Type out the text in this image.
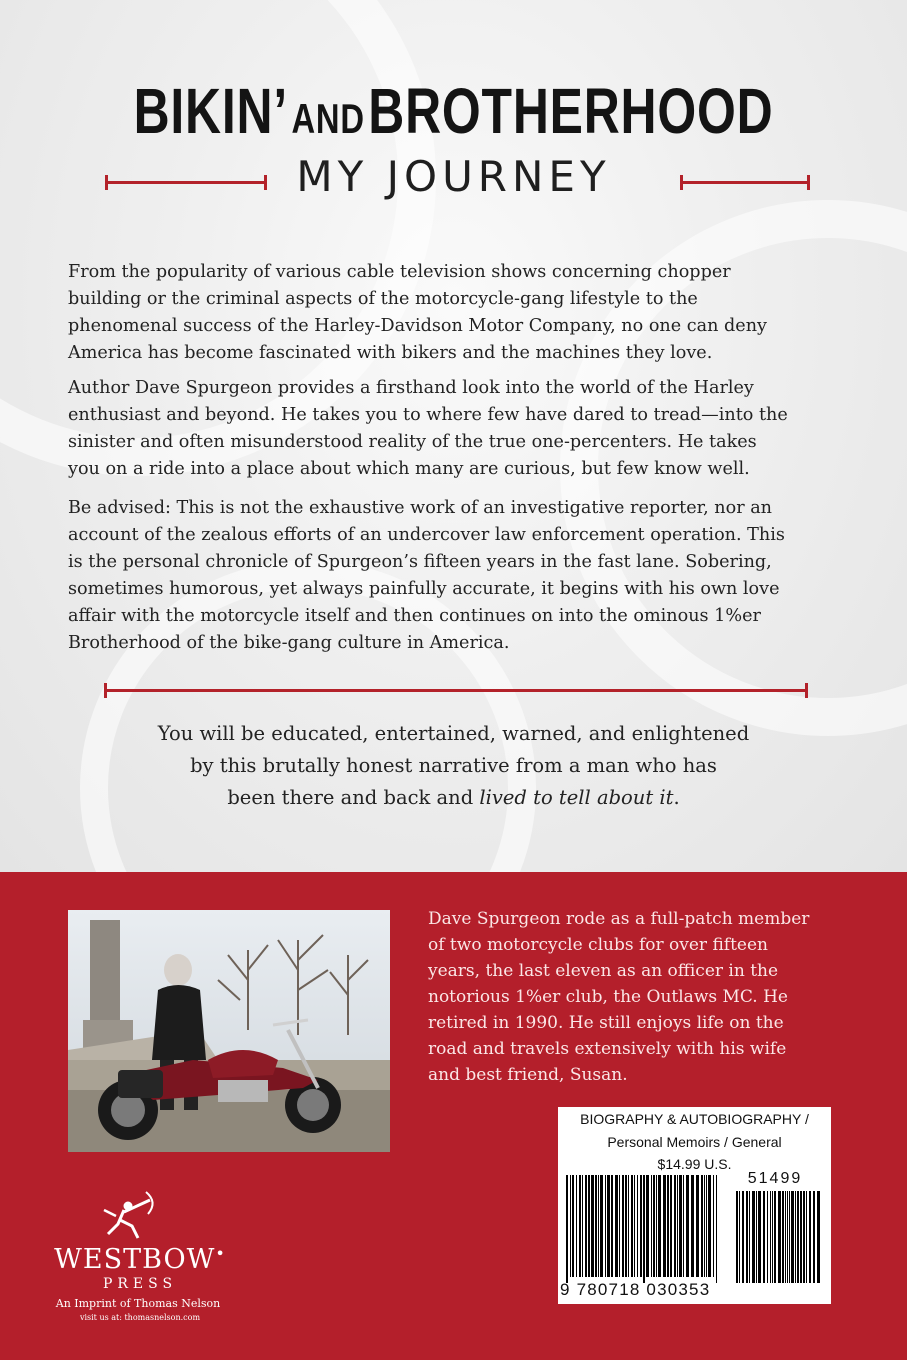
BIKIN’ AND BROTHERHOOD
MY JOURNEY

From the popularity of various cable television shows concerning chopper
building or the criminal aspects of the motorcycle-gang lifestyle to the
phenomenal success of the Harley-Davidson Motor Company, no one can deny
America has become fascinated with bikers and the machines they love.

Author Dave Spurgeon provides a firsthand look into the world of the Harley
enthusiast and beyond. He takes you to where few have dared to tread—into the
sinister and often misunderstood reality of the true one-percenters. He takes
you on a ride into a place about which many are curious, but few know well.

Be advised: This is not the exhaustive work of an investigative reporter, nor an
account of the zealous efforts of an undercover law enforcement operation. This
is the personal chronicle of Spurgeon’s fifteen years in the fast lane. Sobering,
sometimes humorous, yet always painfully accurate, it begins with his own love
affair with the motorcycle itself and then continues on into the ominous 1%er
Brotherhood of the bike-gang culture in America.

You will be educated, entertained, warned, and enlightened
by this brutally honest narrative from a man who has
been there and back and lived to tell about it.
Dave Spurgeon rode as a full-patch member
of two motorcycle clubs for over fifteen
years, the last eleven as an officer in the
notorious 1%er club, the Outlaws MC. He
retired in 1990. He still enjoys life on the
road and travels extensively with his wife
and best friend, Susan.
BIOGRAPHY & AUTOBIOGRAPHY /
Personal Memoirs / General
$14.99 U.S.
51499
9 780718 030353
WESTBOW•
PRESS
An Imprint of Thomas Nelson
visit us at: thomasnelson.com
